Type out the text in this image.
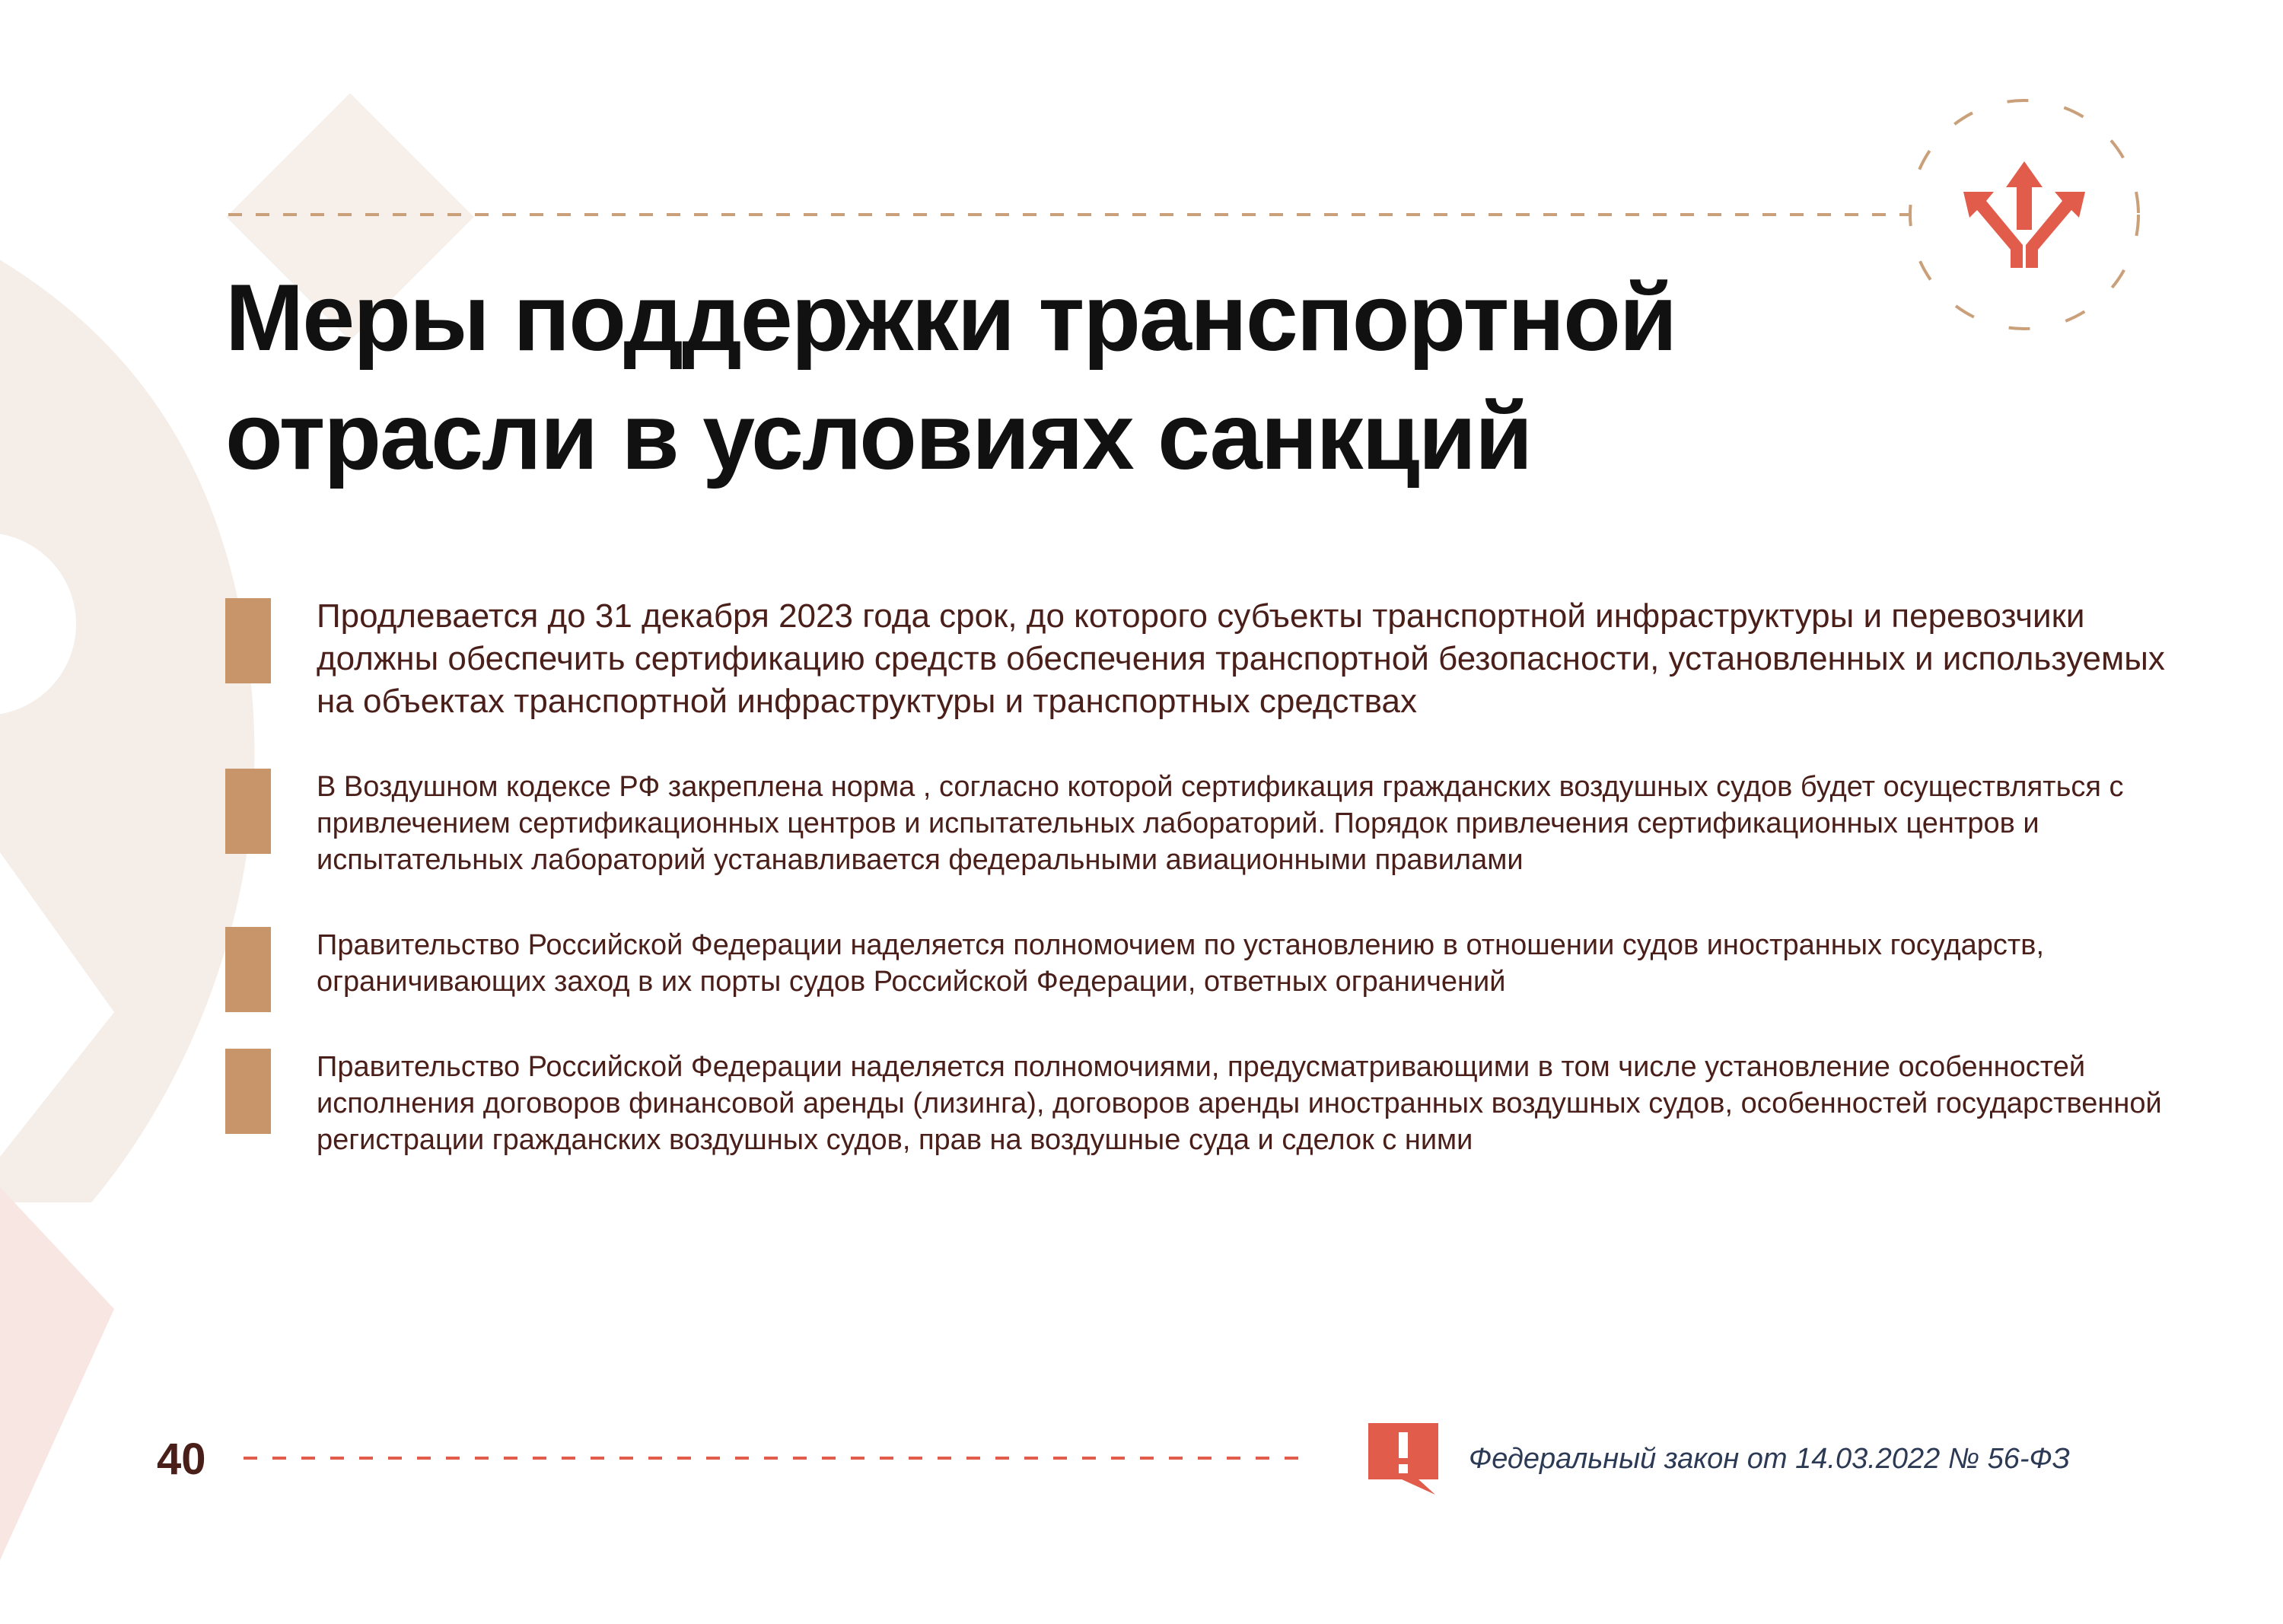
Меры поддержки транспортной
отрасли в условиях санкций

Продлевается до 31 декабря 2023 года срок, до которого субъекты транспортной инфраструктуры и перевозчики должны обеспечить сертификацию средств обеспечения транспортной безопасности, установленных и используемых на объектах транспортной инфраструктуры и транспортных средствах

В Воздушном кодексе РФ закреплена норма , согласно которой сертификация гражданских воздушных судов будет осуществляться с привлечением сертификационных центров и испытательных лабораторий. Порядок привлечения сертификационных центров и испытательных лабораторий устанавливается федеральными авиационными правилами

Правительство Российской Федерации наделяется полномочием по установлению в отношении судов иностранных государств, ограничивающих заход в их порты судов Российской Федерации, ответных ограничений

Правительство Российской Федерации наделяется полномочиями, предусматривающими в том числе установление особенностей исполнения договоров финансовой аренды (лизинга), договоров аренды иностранных воздушных судов, особенностей государственной регистрации гражданских воздушных судов, прав на воздушные суда и сделок с ними

40	Федеральный закон от 14.03.2022 № 56-ФЗ
